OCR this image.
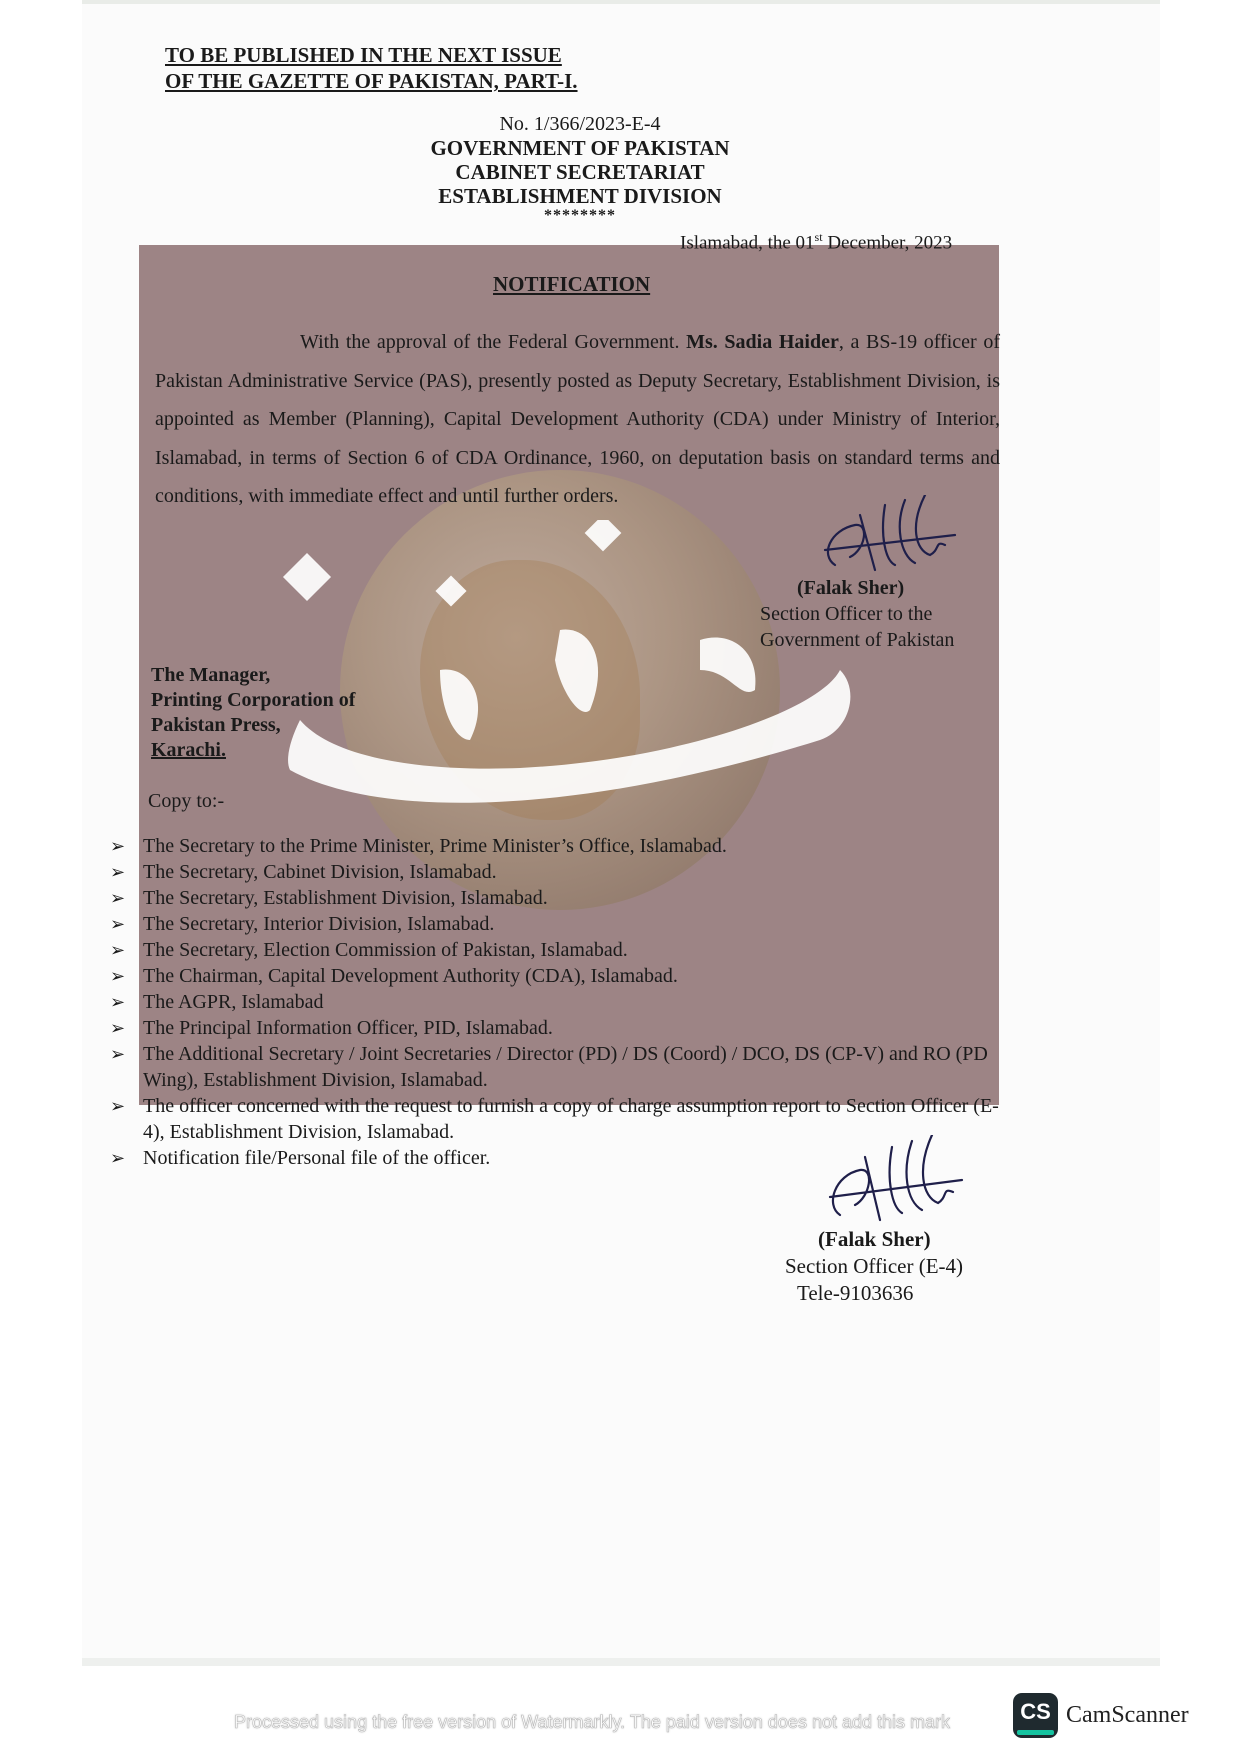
TO BE PUBLISHED IN THE NEXT ISSUE
OF THE GAZETTE OF PAKISTAN, PART-I.
No. 1/366/2023-E-4
GOVERNMENT OF PAKISTAN
CABINET SECRETARIAT
ESTABLISHMENT DIVISION
********
Islamabad, the 01st December, 2023
NOTIFICATION
With the approval of the Federal Government. Ms. Sadia Haider, a BS-19 officer of Pakistan Administrative Service (PAS), presently posted as Deputy Secretary, Establishment Division, is appointed as Member (Planning), Capital Development Authority (CDA) under Ministry of Interior, Islamabad, in terms of Section 6 of CDA Ordinance, 1960, on deputation basis on standard terms and conditions, with immediate effect and until further orders.
(Falak Sher)
Section Officer to the
Government of Pakistan
The Manager,
Printing Corporation of
Pakistan Press,
Karachi.
Copy to:-
➢ The Secretary to the Prime Minister, Prime Minister’s Office, Islamabad.
➢ The Secretary, Cabinet Division, Islamabad.
➢ The Secretary, Establishment Division, Islamabad.
➢ The Secretary, Interior Division, Islamabad.
➢ The Secretary, Election Commission of Pakistan, Islamabad.
➢ The Chairman, Capital Development Authority (CDA), Islamabad.
➢ The AGPR, Islamabad
➢ The Principal Information Officer, PID, Islamabad.
➢ The Additional Secretary / Joint Secretaries / Director (PD) / DS (Coord) / DCO, DS (CP-V) and RO (PD Wing), Establishment Division, Islamabad.
➢ The officer concerned with the request to furnish a copy of charge assumption report to Section Officer (E-4), Establishment Division, Islamabad.
➢ Notification file/Personal file of the officer.
(Falak Sher)
Section Officer (E-4)
Tele-9103636
Processed using the free version of Watermarkly. The paid version does not add this mark	CS CamScanner
